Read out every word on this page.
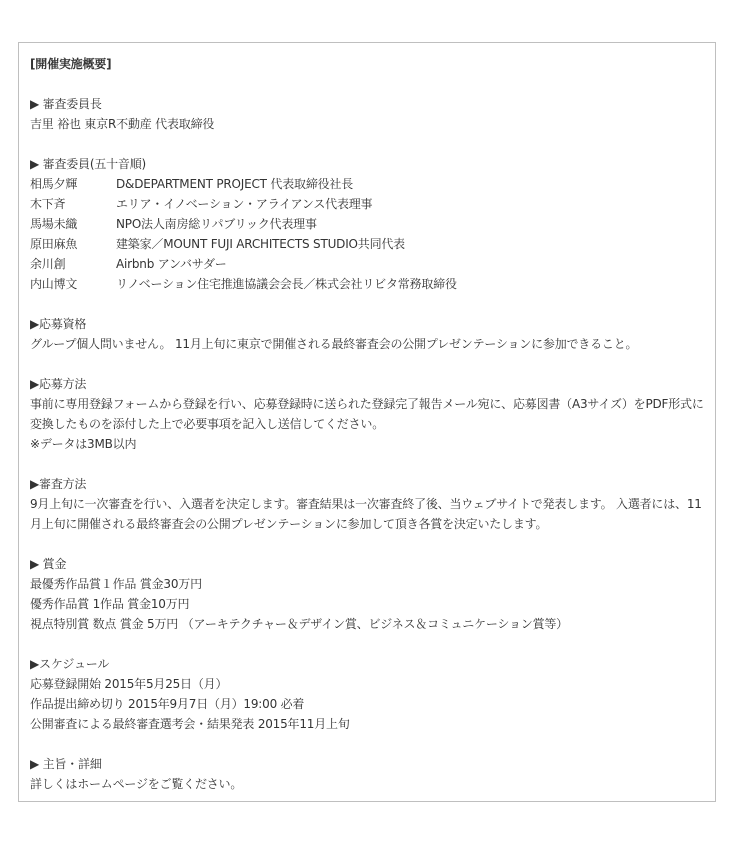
[開催実施概要]
▶ 審査委員長
吉里 裕也 東京R不動産 代表取締役
▶ 審査委員(五十音順)
相馬夕輝	D&DEPARTMENT PROJECT 代表取締役社長
木下斉	エリア・イノベーション・アライアンス代表理事
馬場未織	NPO法人南房総リパブリック代表理事
原田麻魚	建築家／MOUNT FUJI ARCHITECTS STUDIO共同代表
余川創	Airbnb アンバサダー
内山博文	リノベーション住宅推進協議会会長／株式会社リビタ常務取締役
▶応募資格
グループ個人問いません。 11月上旬に東京で開催される最終審査会の公開プレゼンテーションに参加できること。
▶応募方法
事前に専用登録フォームから登録を行い、応募登録時に送られた登録完了報告メール宛に、応募図書（A3サイズ）をPDF形式に変換したものを添付した上で必要事項を記入し送信してください。
※データは3MB以内
▶審査方法
9月上旬に一次審査を行い、入選者を決定します。審査結果は一次審査終了後、当ウェブサイトで発表します。 入選者には、11月上旬に開催される最終審査会の公開プレゼンテーションに参加して頂き各賞を決定いたします。
▶ 賞金
最優秀作品賞１作品 賞金30万円
優秀作品賞 1作品 賞金10万円
視点特別賞 数点 賞金 5万円 （アーキテクチャー＆デザイン賞、ビジネス＆コミュニケーション賞等）
▶スケジュール
応募登録開始 2015年5月25日（月）
作品提出締め切り 2015年9月7日（月）19:00 必着
公開審査による最終審査選考会・結果発表 2015年11月上旬
▶ 主旨・詳細
詳しくはホームページをご覧ください。
